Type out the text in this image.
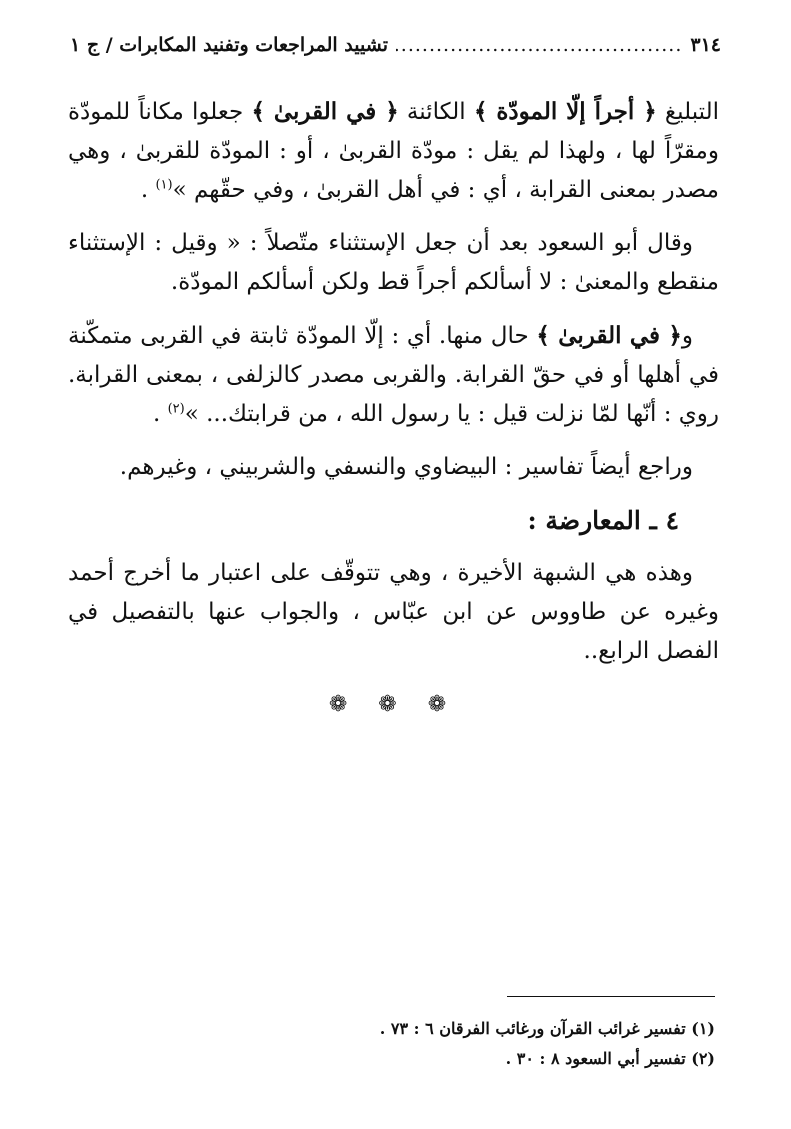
٣١٤
.....
تشييد المراجعات وتفنيد المكابرات / ج ١

التبليغ ﴿ أجراً إلّا المودّة ﴾ الكائنة ﴿ في القربىٰ ﴾ جعلوا مكاناً للمودّة ومقرّاً لها ، ولهذا لم يقل : مودّة القربىٰ ، أو : المودّة للقربىٰ ، وهي مصدر بمعنى القرابة ، أي : في أهل القربىٰ ، وفي حقّهم »$^{(١)}$ .

وقال أبو السعود بعد أن جعل الإستثناء متّصلاً : « وقيل : الإستثناء منقطع والمعنىٰ : لا أسألكم أجراً قط ولكن أسألكم المودّة.

و﴿ في القربىٰ ﴾ حال منها. أي : إلّا المودّة ثابتة في القربى متمكّنة في أهلها أو في حقّ القرابة. والقربى مصدر كالزلفى ، بمعنى القرابة. روي : أنّها لمّا نزلت قيل : يا رسول الله ، من قرابتك... »$^{(٢)}$ .

وراجع أيضاً تفاسير : البيضاوي والنسفي والشربيني ، وغيرهم.

٤ ـ المعارضة :

وهذه هي الشبهة الأخيرة ، وهي تتوقّف على اعتبار ما أخرج أحمد وغيره عن طاووس عن ابن عبّاس ، والجواب عنها بالتفصيل في الفصل الرابع..

❁ ❁ ❁
(١) تفسير غرائب القرآن ورغائب الفرقان ٦ : ٧٣ .
(٢) تفسير أبي السعود ٨ : ٣٠ .
